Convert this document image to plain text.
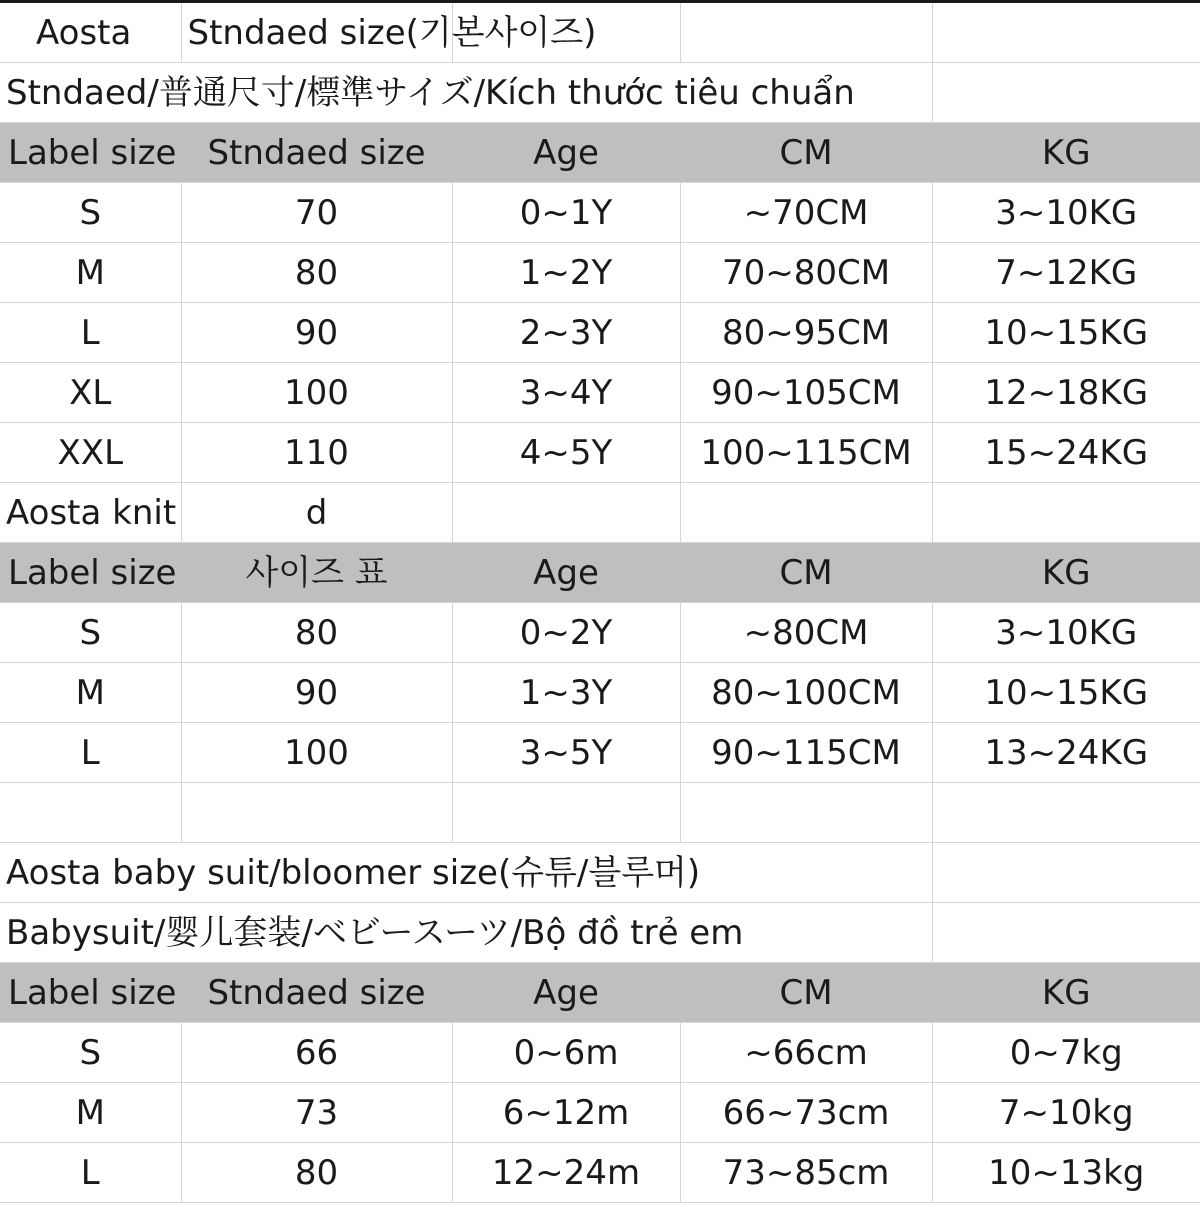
Aosta	Stndaed size(기본사이즈)			
Stndaed/普通尺寸/標準サイズ/Kích thước tiêu chuẩn				
Label size	Stndaed size	Age	CM	KG
S	70	0~1Y	~70CM	3~10KG
M	80	1~2Y	70~80CM	7~12KG
L	90	2~3Y	80~95CM	10~15KG
XL	100	3~4Y	90~105CM	12~18KG
XXL	110	4~5Y	100~115CM	15~24KG
Aosta knit	d			
Label size	사이즈 표	Age	CM	KG
S	80	0~2Y	~80CM	3~10KG
M	90	1~3Y	80~100CM	10~15KG
L	100	3~5Y	90~115CM	13~24KG

Aosta baby suit/bloomer size(슈튜/블루머)				
Babysuit/婴儿套装/ベビースーツ/Bộ đồ trẻ em				
Label size	Stndaed size	Age	CM	KG
S	66	0~6m	~66cm	0~7kg
M	73	6~12m	66~73cm	7~10kg
L	80	12~24m	73~85cm	10~13kg
